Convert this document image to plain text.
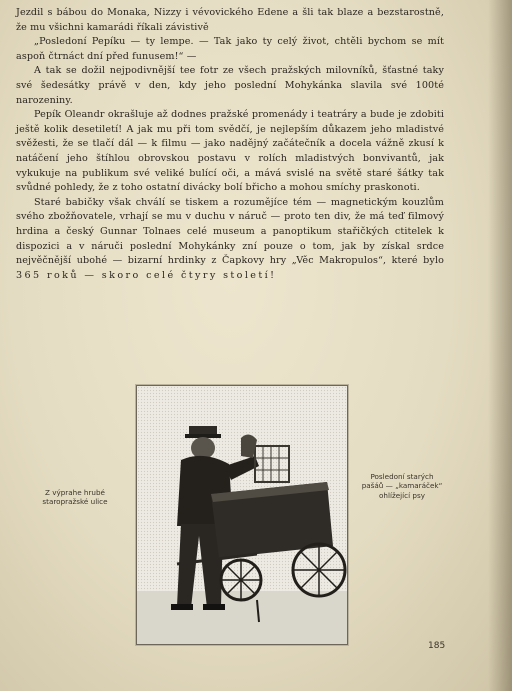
Jezdil s bábou do Monaka, Nizzy i vévovického Edene a šli tak blaze a bezstarostně, že mu všichni kamarádi říkali závistivě

„Posledoní Pepíku — ty lempe. — Tak jako ty celý život, chtěli bychom se mít aspoň čtrnáct dní před funusem!“ —

A tak se dožil nejpodivnější tee fotr ze všech pražských milovníků, šťastné taky své šedesátky právě v den, kdy jeho poslední Mohykánka slavila své 100té narozeniny.

Pepík Oleandr okrašluje až dodnes pražské promenády i teatráry a bude je zdobiti ještě kolik desetiletí! A jak mu při tom svědčí, je nejlepším důkazem jeho mladistvé svěžesti, že se tlačí dál — k filmu — jako nadějný začátečník a docela vážně zkusí k natáčení jeho štíhlou obrovskou postavu v rolích mladistvých bonvivantů, jak vykukuje na publikum své veliké bulící oči, a mává svislé na světě staré šátky tak svůdné pohledy, že z toho ostatní divácky bolí břicho a mohou smíchy praskonoti.

Staré babičky však chválí se tiskem a rozumějíce tém — magnetickým kouzlům svého zbožňovatele, vrhají se mu v duchu v náruč — proto ten div, že má teď filmový hrdina a český Gunnar Tolnaes celé museum a panoptikum stařičkých ctitelek k dispozici a v náruči poslední Mohykánky zní pouze o tom, jak by získal srdce nejvěčnější ubohé — bizarní hrdinky z Čapkovy hry „Věc Makropulos“, které bylo 365 roků — skoro celé čtyry století!

Z výprahe hrubé staropražské ulice
Posledoní starých pašáů — „kamaráček“ ohlížející psy
185
